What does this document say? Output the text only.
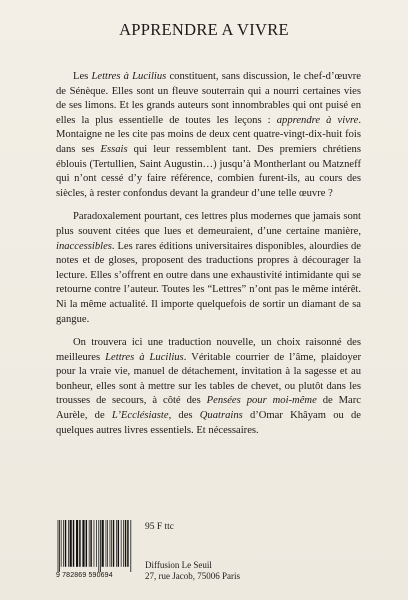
APPRENDRE A VIVRE

Les Lettres à Lucilius constituent, sans discussion, le chef-d’œuvre de Sénèque. Elles sont un fleuve souterrain qui a nourri certaines vies de ses limons. Et les grands auteurs sont innombrables qui ont puisé en elles la plus essentielle de toutes les leçons : apprendre à vivre. Montaigne ne les cite pas moins de deux cent quatre-vingt-dix-huit fois dans ses Essais qui leur ressemblent tant. Des premiers chrétiens éblouis (Tertullien, Saint Augustin…) jusqu’à Montherlant ou Matzneff qui n’ont cessé d’y faire référence, combien furent-ils, au cours des siècles, à rester confondus devant la grandeur d’une telle œuvre ?

Paradoxalement pourtant, ces lettres plus modernes que jamais sont plus souvent citées que lues et demeuraient, d’une certaine manière, inaccessibles. Les rares éditions universitaires disponibles, alourdies de notes et de gloses, proposent des traductions propres à décourager la lecture. Elles s’offrent en outre dans une exhaustivité intimidante qui se retourne contre l’auteur. Toutes les “Lettres” n’ont pas le même intérêt. Ni la même actualité. Il importe quelquefois de sortir un diamant de sa gangue.

On trouvera ici une traduction nouvelle, un choix raisonné des meilleures Lettres à Lucilius. Véritable courrier de l’âme, plaidoyer pour la vraie vie, manuel de détachement, invitation à la sagesse et au bonheur, elles sont à mettre sur les tables de chevet, ou plutôt dans les trousses de secours, à côté des Pensées pour moi-même de Marc Aurèle, de L’Ecclésiaste, des Quatrains d’Omar Khâyam ou de quelques autres livres essentiels. Et nécessaires.

9 782869 590694
95 F ttc
Diffusion Le Seuil
27, rue Jacob, 75006 Paris
